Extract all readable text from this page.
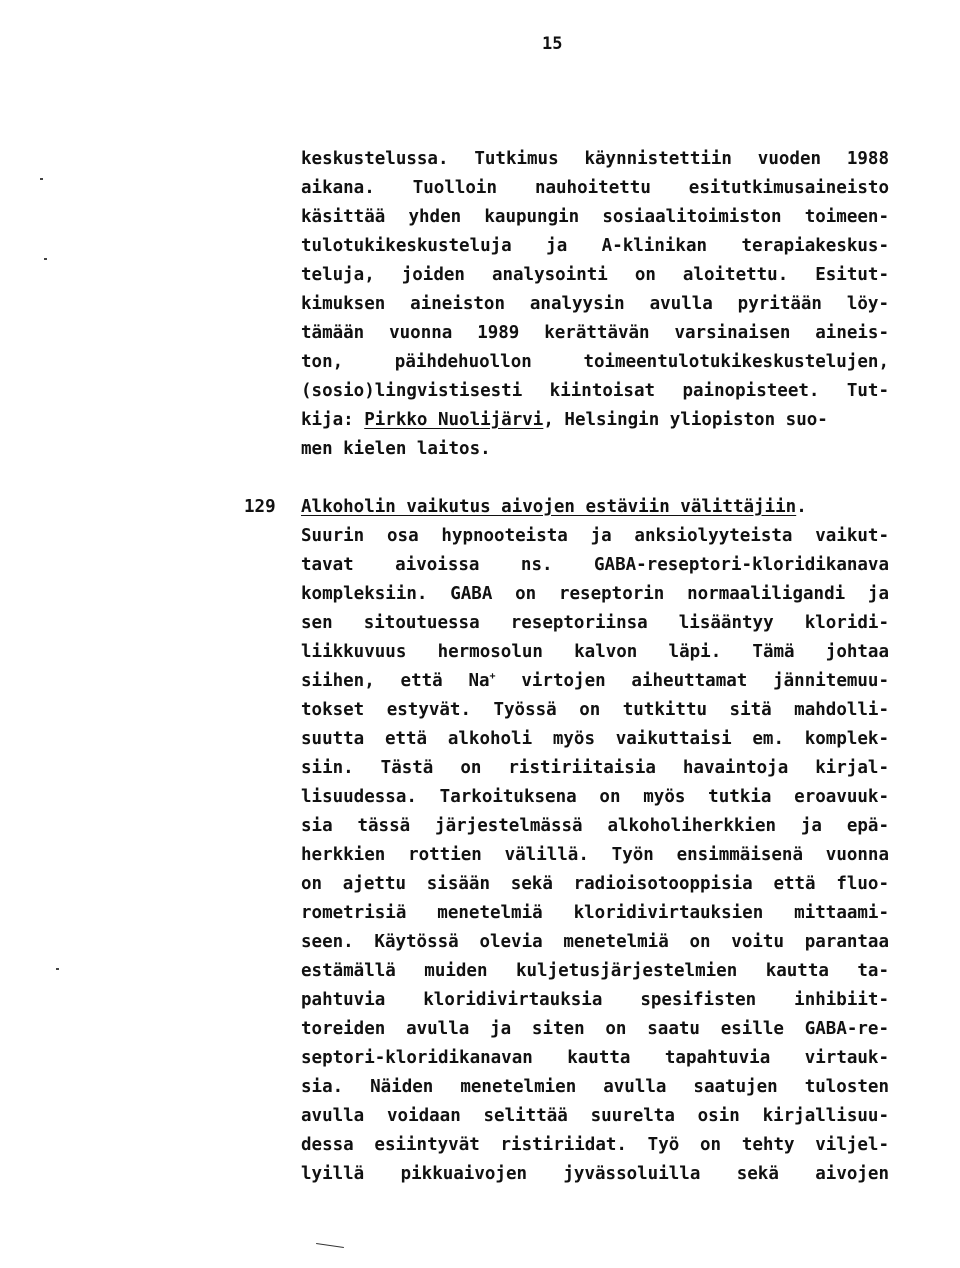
15
keskustelussa. Tutkimus käynnistettiin vuoden 1988
aikana. Tuolloin nauhoitettu esitutkimusaineisto
käsittää yhden kaupungin sosiaalitoimiston toimeen-
tulotukikeskusteluja ja A-klinikan terapiakeskus-
teluja, joiden analysointi on aloitettu. Esitut-
kimuksen aineiston analyysin avulla pyritään löy-
tämään vuonna 1989 kerättävän varsinaisen aineis-
ton, päihdehuollon toimeentulotukikeskustelujen,
(sosio)lingvistisesti kiintoisat painopisteet. Tut-
kija: Pirkko Nuolijärvi, Helsingin yliopiston suo-
men kielen laitos.
129 Alkoholin vaikutus aivojen estäviin välittäjiin.
Suurin osa hypnooteista ja anksiolyyteista vaikut-
tavat aivoissa ns. GABA-reseptori-kloridikanava
kompleksiin. GABA on reseptorin normaaliligandi ja
sen sitoutuessa reseptoriinsa lisääntyy kloridi-
liikkuvuus hermosolun kalvon läpi. Tämä johtaa
siihen, että Na+ virtojen aiheuttamat jännitemuu-
tokset estyvät. Työssä on tutkittu sitä mahdolli-
suutta että alkoholi myös vaikuttaisi em. komplek-
siin. Tästä on ristiriitaisia havaintoja kirjal-
lisuudessa. Tarkoituksena on myös tutkia eroavuuk-
sia tässä järjestelmässä alkoholiherkkien ja epä-
herkkien rottien välillä. Työn ensimmäisenä vuonna
on ajettu sisään sekä radioisotooppisia että fluo-
rometrisiä menetelmiä kloridivirtauksien mittaami-
seen. Käytössä olevia menetelmiä on voitu parantaa
estämällä muiden kuljetusjärjestelmien kautta ta-
pahtuvia kloridivirtauksia spesifisten inhibiit-
toreiden avulla ja siten on saatu esille GABA-re-
septori-kloridikanavan kautta tapahtuvia virtauk-
sia. Näiden menetelmien avulla saatujen tulosten
avulla voidaan selittää suurelta osin kirjallisuu-
dessa esiintyvät ristiriidat. Työ on tehty viljel-
lyillä pikkuaivojen jyvässoluilla sekä aivojen
